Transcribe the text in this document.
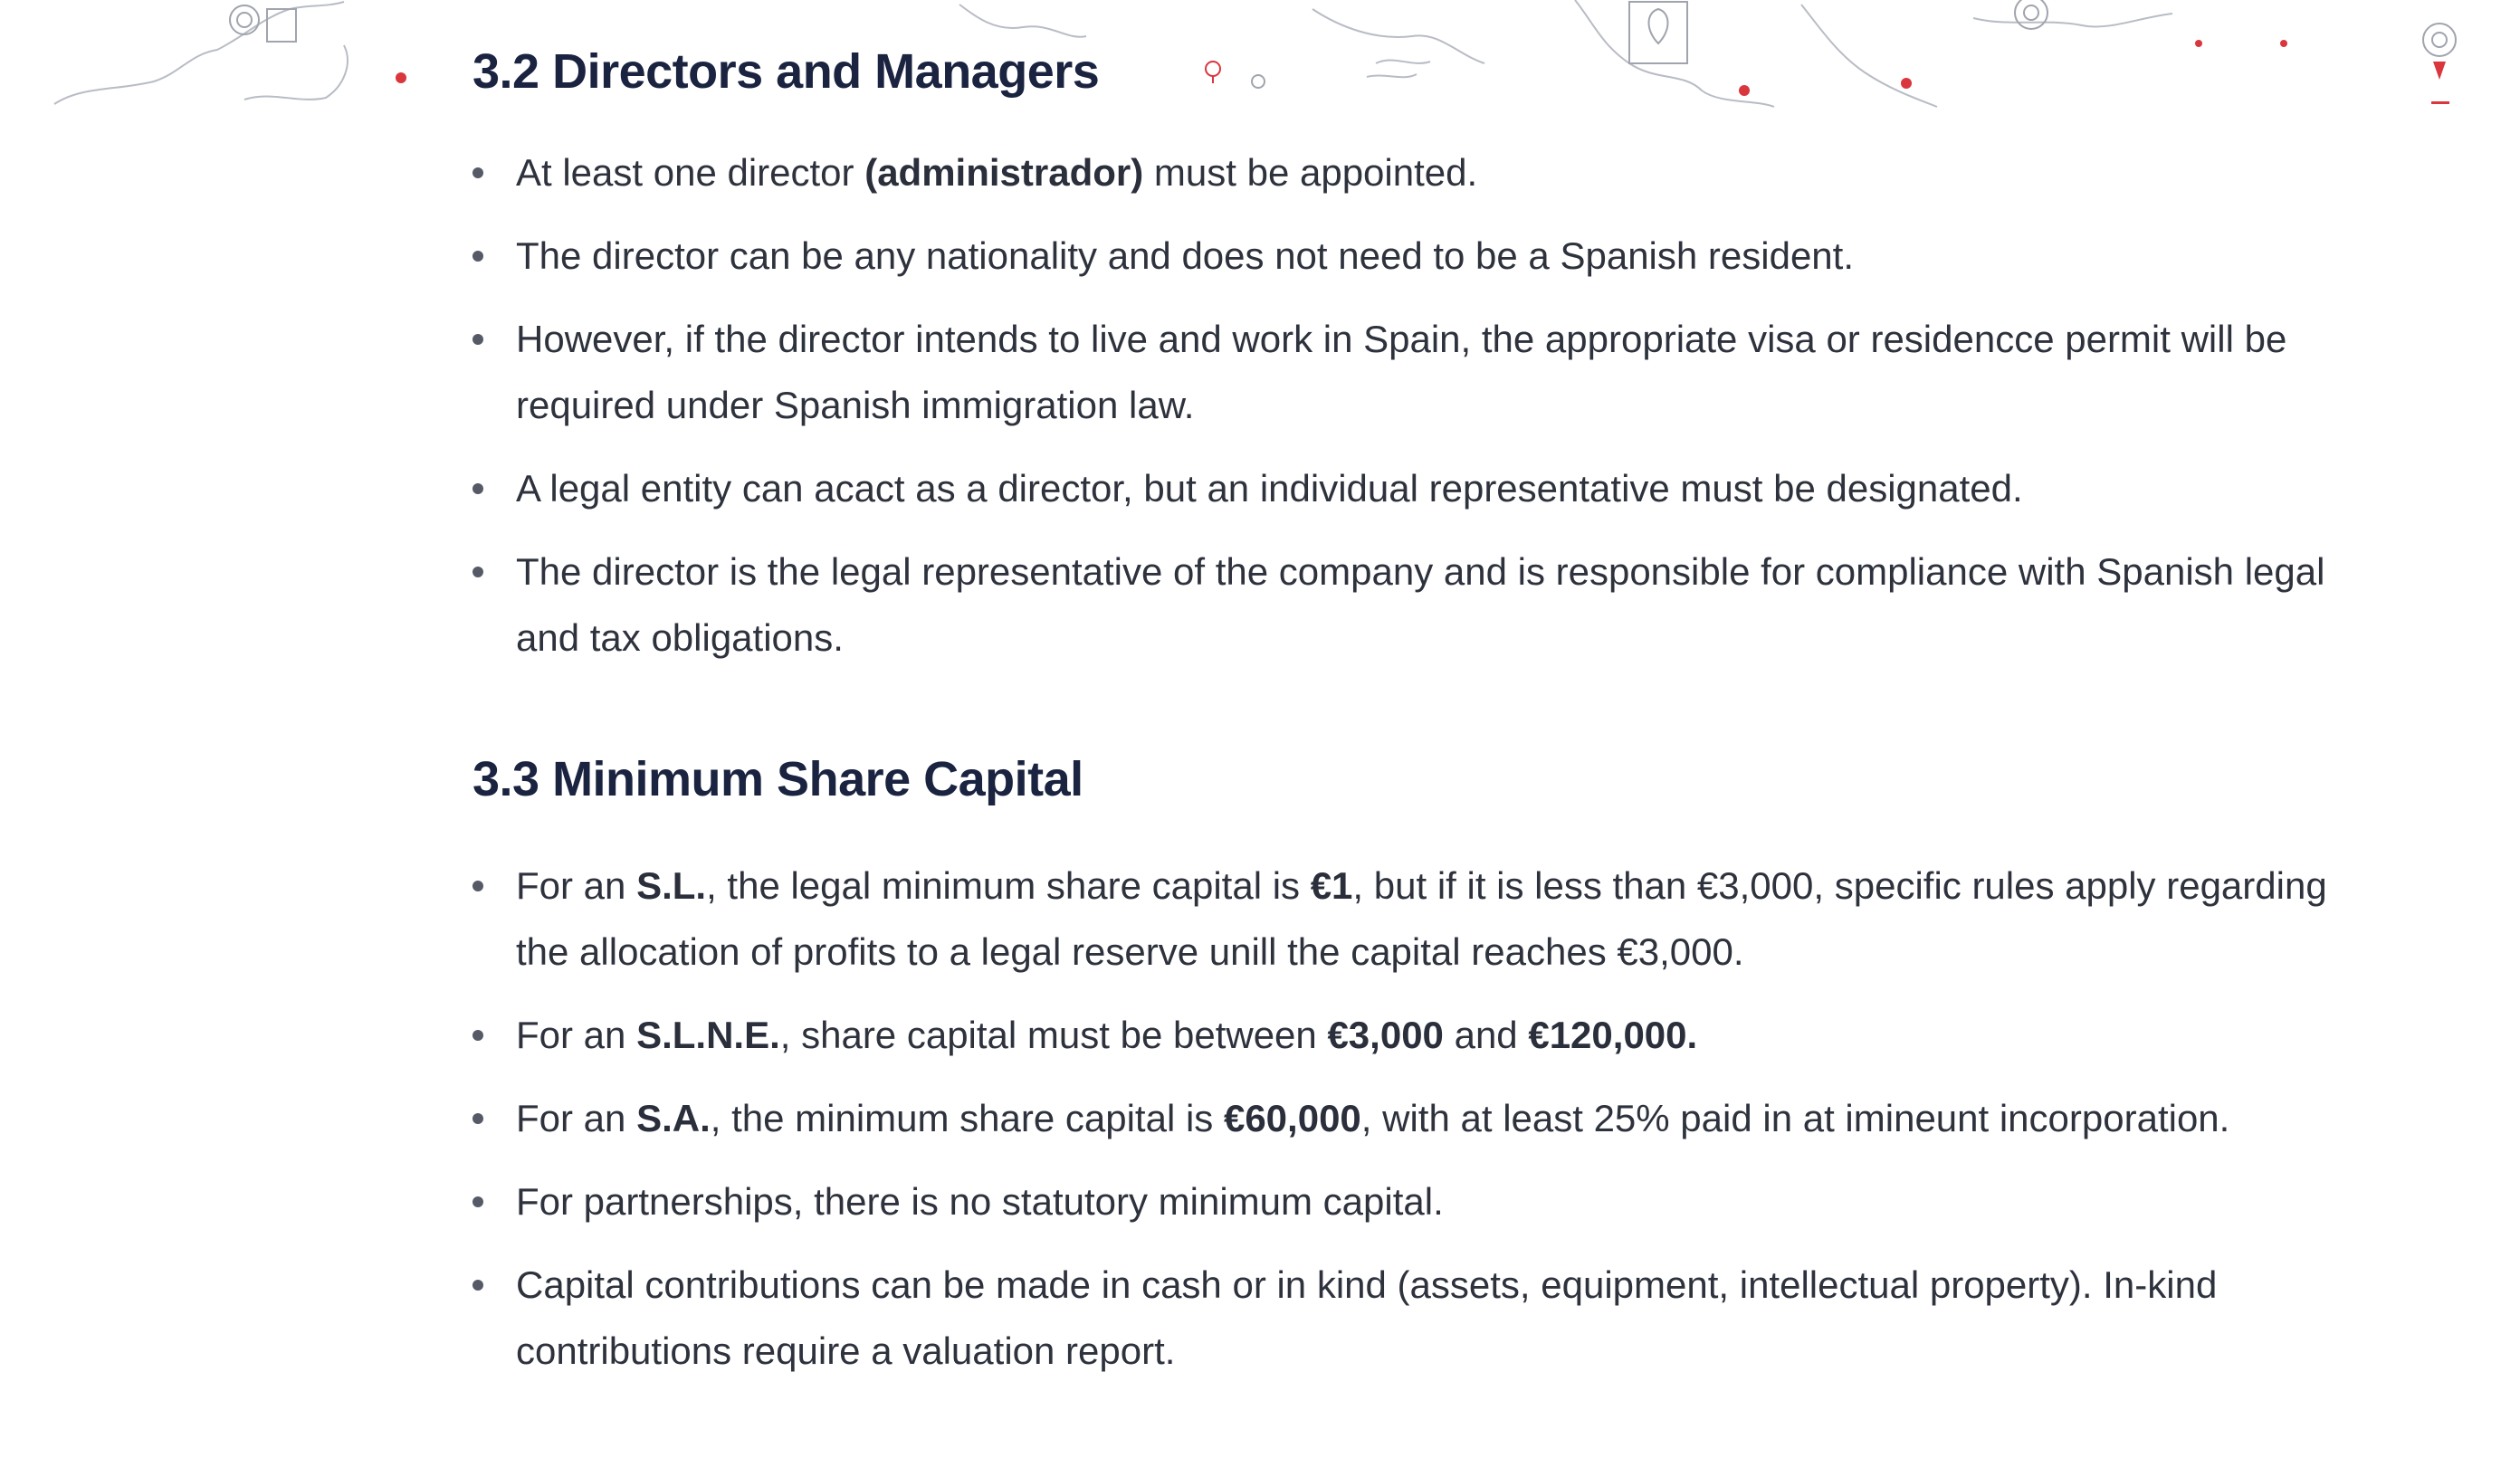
3.2 Directors and Managers
At least one director (administrador) must be appointed.
The director can be any nationality and does not need to be a Spanish resident.
However, if the director intends to live and work in Spain, the appropriate visa or residencce permit will be required under Spanish immigration law.
A legal entity can acact as a director, but an individual representative must be designated.
The director is the legal representative of the company and is responsible for compliance with Spanish legal and tax obligations.
3.3 Minimum Share Capital
For an S.L., the legal minimum share capital is €1, but if it is less than €3,000, specific rules apply regarding the allocation of profits to a legal reserve unill the capital reaches €3,000.
For an S.L.N.E., share capital must be between €3,000 and €120,000.
For an S.A., the minimum share capital is €60,000, with at least 25% paid in at imineunt incorporation.
For partnerships, there is no statutory minimum capital.
Capital contributions can be made in cash or in kind (assets, equipment, intellectual property). In-kind contributions require a valuation report.
